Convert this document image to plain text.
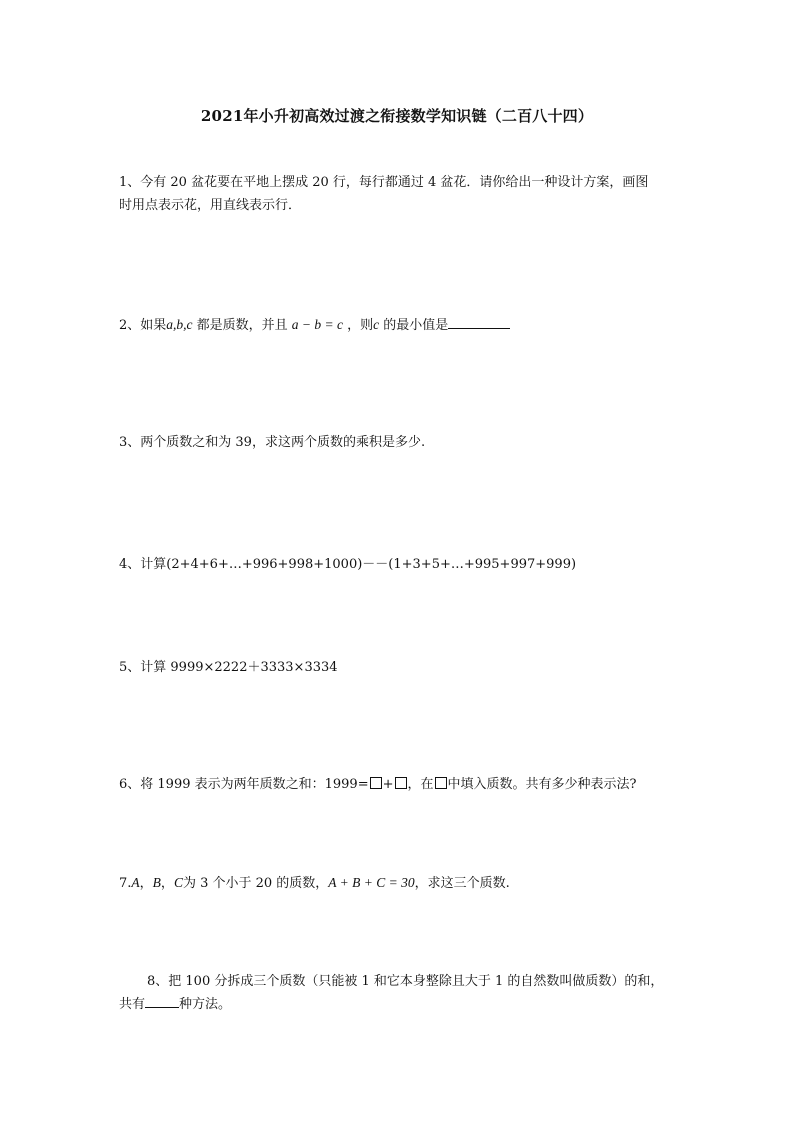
2021年小升初高效过渡之衔接数学知识链（二百八十四）
1、今有 20 盆花要在平地上摆成 20 行，每行都通过 4 盆花．请你给出一种设计方案，画图
时用点表示花，用直线表示行．
2、如果a,b,c 都是质数，并且 a − b = c ，则c 的最小值是
3、两个质数之和为 39，求这两个质数的乘积是多少.
4、计算(2+4+6+…+996+998+1000)－－(1+3+5+…+995+997+999)
5、计算 9999×2222＋3333×3334
6、将 1999 表示为两年质数之和：1999= + ，在 中填入质数。共有多少种表示法?
7.A，B，C为 3 个小于 20 的质数，A + B + C = 30，求这三个质数.
8、把 100 分拆成三个质数（只能被 1 和它本身整除且大于 1 的自然数叫做质数）的和，
共有	种方法。
